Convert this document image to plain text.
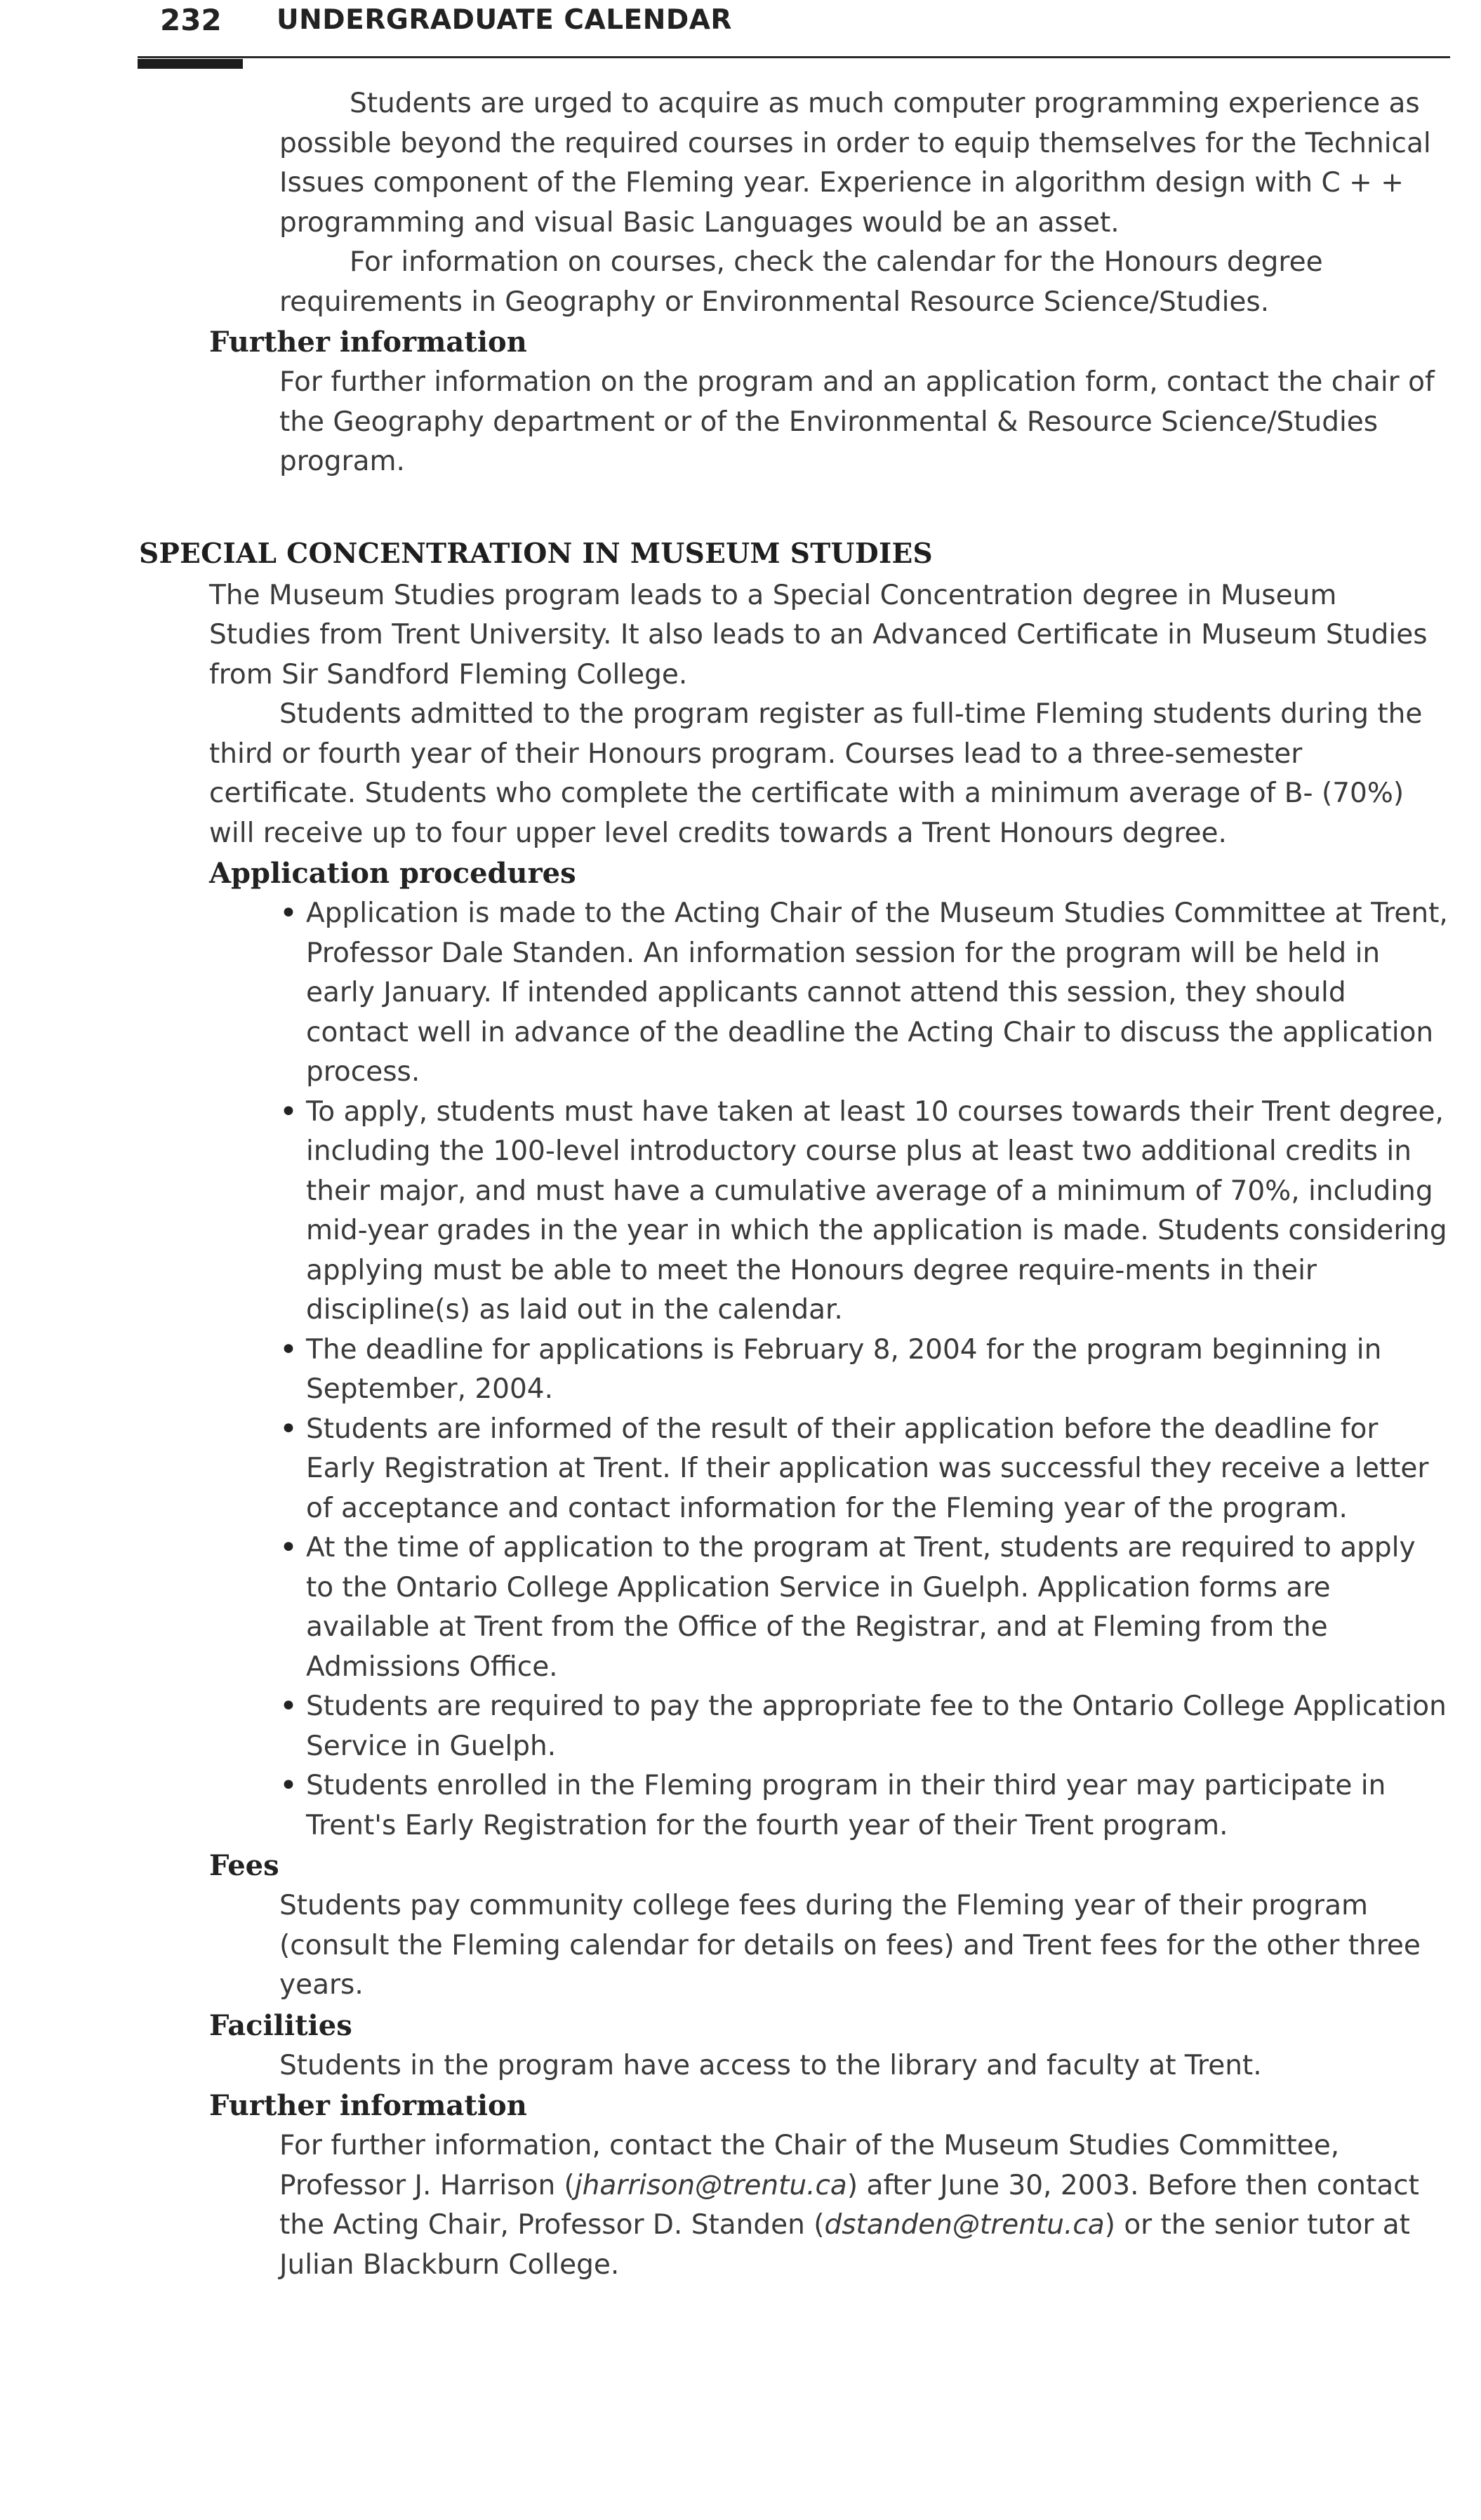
232 UNDERGRADUATE CALENDAR

Students are urged to acquire as much computer programming experience as possible beyond the required courses in order to equip themselves for the Technical Issues component of the Fleming year. Experience in algorithm design with C + + programming and visual Basic Languages would be an asset.

For information on courses, check the calendar for the Honours degree requirements in Geography or Environmental Resource Science/Studies.

Further information

For further information on the program and an application form, contact the chair of the Geography department or of the Environmental & Resource Science/Studies program.

SPECIAL CONCENTRATION IN MUSEUM STUDIES

The Museum Studies program leads to a Special Concentration degree in Museum Studies from Trent University. It also leads to an Advanced Certificate in Museum Studies from Sir Sandford Fleming College.

Students admitted to the program register as full-time Fleming students during the third or fourth year of their Honours program. Courses lead to a three-semester certificate. Students who complete the certificate with a minimum average of B- (70%) will receive up to four upper level credits towards a Trent Honours degree.

Application procedures

• Application is made to the Acting Chair of the Museum Studies Committee at Trent, Professor Dale Standen. An information session for the program will be held in early January. If intended applicants cannot attend this session, they should contact well in advance of the deadline the Acting Chair to discuss the application process.
• To apply, students must have taken at least 10 courses towards their Trent degree, including the 100-level introductory course plus at least two additional credits in their major, and must have a cumulative average of a minimum of 70%, including mid-year grades in the year in which the application is made. Students considering applying must be able to meet the Honours degree require-ments in their discipline(s) as laid out in the calendar.
• The deadline for applications is February 8, 2004 for the program beginning in September, 2004.
• Students are informed of the result of their application before the deadline for Early Registration at Trent. If their application was successful they receive a letter of acceptance and contact information for the Fleming year of the program.
• At the time of application to the program at Trent, students are required to apply to the Ontario College Application Service in Guelph. Application forms are available at Trent from the Office of the Registrar, and at Fleming from the Admissions Office.
• Students are required to pay the appropriate fee to the Ontario College Application Service in Guelph.
• Students enrolled in the Fleming program in their third year may participate in Trent's Early Registration for the fourth year of their Trent program.

Fees

Students pay community college fees during the Fleming year of their program (consult the Fleming calendar for details on fees) and Trent fees for the other three years.

Facilities

Students in the program have access to the library and faculty at Trent.

Further information

For further information, contact the Chair of the Museum Studies Committee, Professor J. Harrison (jharrison@trentu.ca) after June 30, 2003. Before then contact the Acting Chair, Professor D. Standen (dstanden@trentu.ca) or the senior tutor at Julian Blackburn College.
